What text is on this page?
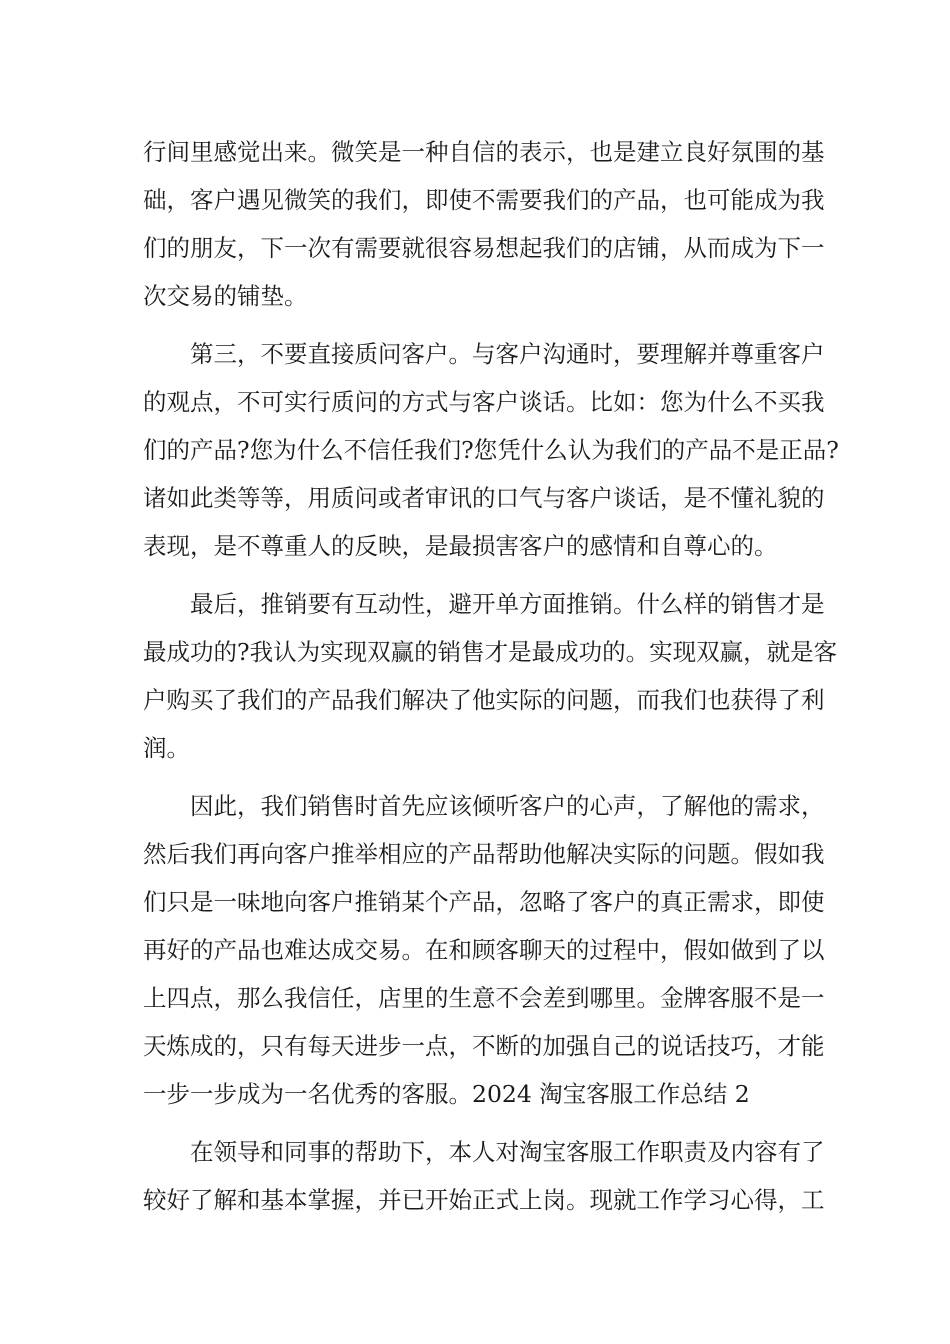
行间里感觉出来。微笑是一种自信的表示，也是建立良好氛围的基
础，客户遇见微笑的我们，即使不需要我们的产品，也可能成为我
们的朋友，下一次有需要就很容易想起我们的店铺，从而成为下一
次交易的铺垫。
第三，不要直接质问客户。与客户沟通时，要理解并尊重客户
的观点，不可实行质问的方式与客户谈话。比如：您为什么不买我
们的产品?您为什么不信任我们?您凭什么认为我们的产品不是正品?
诸如此类等等，用质问或者审讯的口气与客户谈话，是不懂礼貌的
表现，是不尊重人的反映，是最损害客户的感情和自尊心的。
最后，推销要有互动性，避开单方面推销。什么样的销售才是
最成功的?我认为实现双赢的销售才是最成功的。实现双赢，就是客
户购买了我们的产品我们解决了他实际的问题，而我们也获得了利
润。
因此，我们销售时首先应该倾听客户的心声，了解他的需求，
然后我们再向客户推举相应的产品帮助他解决实际的问题。假如我
们只是一味地向客户推销某个产品，忽略了客户的真正需求，即使
再好的产品也难达成交易。在和顾客聊天的过程中，假如做到了以
上四点，那么我信任，店里的生意不会差到哪里。金牌客服不是一
天炼成的，只有每天进步一点，不断的加强自己的说话技巧，才能
一步一步成为一名优秀的客服。2024 淘宝客服工作总结 2
在领导和同事的帮助下，本人对淘宝客服工作职责及内容有了
较好了解和基本掌握，并已开始正式上岗。现就工作学习心得，工
